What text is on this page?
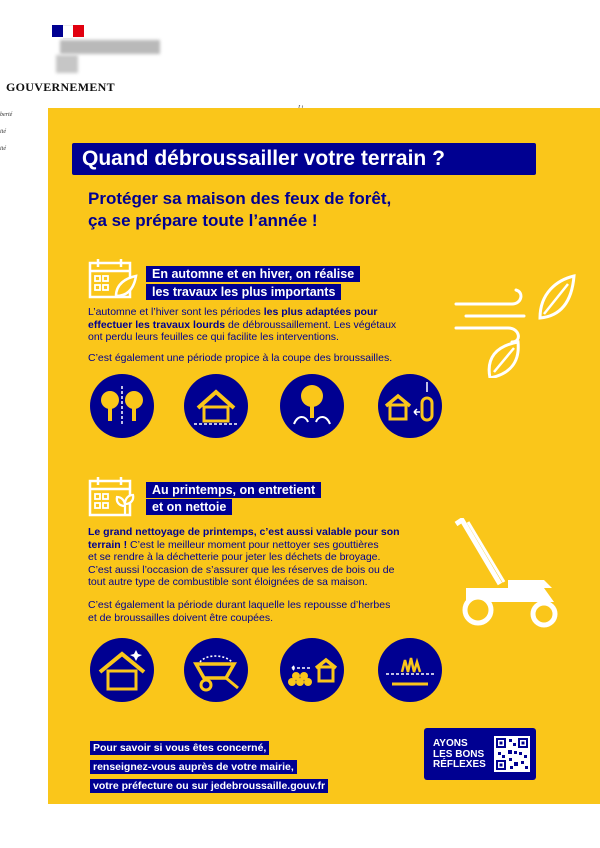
GOUVERNEMENT
berté
ité
ité	Quand débroussailler votre terrain ?
Protéger sa maison des feux de forêt,
ça se prépare toute l’année !
En automne et en hiver, on réalise
les travaux les plus importants
L’automne et l’hiver sont les périodes les plus adaptées pour
effectuer les travaux lourds de débroussaillement. Les végétaux
ont perdu leurs feuilles ce qui facilite les interventions.
C’est également une période propice à la coupe des broussailles.
Au printemps, on entretient
et on nettoie
Le grand nettoyage de printemps, c’est aussi valable pour son
terrain ! C’est le meilleur moment pour nettoyer ses gouttières
et se rendre à la déchetterie pour jeter les déchets de broyage.
C’est aussi l’occasion de s’assurer que les réserves de bois ou de
tout autre type de combustible sont éloignées de sa maison.
C’est également la période durant laquelle les repousse d’herbes
et de broussailles doivent être coupées.
Pour savoir si vous êtes concerné,
renseignez-vous auprès de votre mairie,
votre préfecture ou sur jedebroussaille.gouv.fr
AYONS
LES BONS
RÉFLEXES
